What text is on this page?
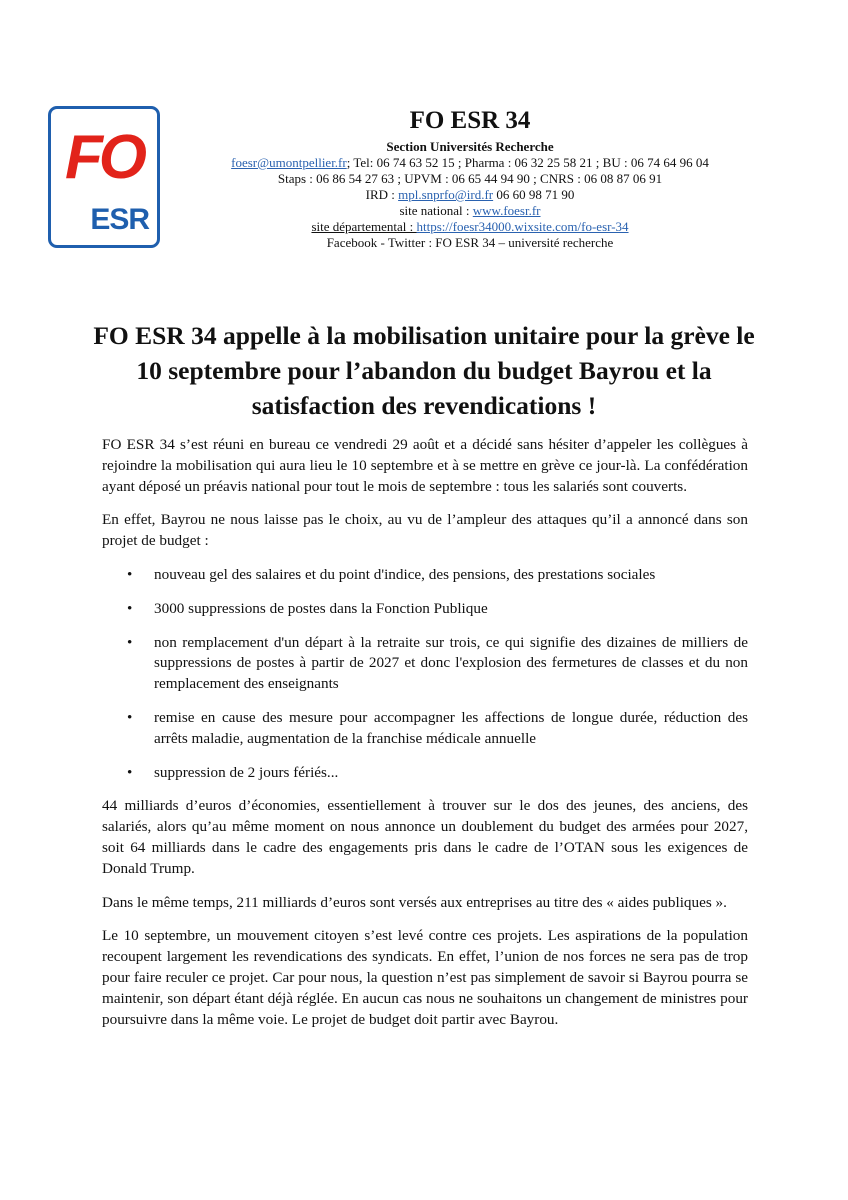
FO
ESR
FO ESR 34
Section Universités Recherche
foesr@umontpellier.fr; Tel: 06 74 63 52 15 ; Pharma : 06 32 25 58 21 ; BU : 06 74 64 96 04
Staps : 06 86 54 27 63 ; UPVM : 06 65 44 94 90 ; CNRS : 06 08 87 06 91
IRD : mpl.snprfo@ird.fr 06 60 98 71 90
site national : www.foesr.fr
site départemental : https://foesr34000.wixsite.com/fo-esr-34
Facebook - Twitter : FO ESR 34 – université recherche
FO ESR 34 appelle à la mobilisation unitaire pour la grève le 10 septembre pour l’abandon du budget Bayrou et la satisfaction des revendications !

FO ESR 34 s’est réuni en bureau ce vendredi 29 août et a décidé sans hésiter d’appeler les collègues à rejoindre la mobilisation qui aura lieu le 10 septembre et à se mettre en grève ce jour-là. La confédération ayant déposé un préavis national pour tout le mois de septembre : tous les salariés sont couverts.

En effet, Bayrou ne nous laisse pas le choix, au vu de l’ampleur des attaques qu’il a annoncé dans son projet de budget :

• nouveau gel des salaires et du point d'indice, des pensions, des prestations sociales
• 3000 suppressions de postes dans la Fonction Publique
• non remplacement d'un départ à la retraite sur trois, ce qui signifie des dizaines de milliers de suppressions de postes à partir de 2027 et donc l'explosion des fermetures de classes et du non remplacement des enseignants
• remise en cause des mesure pour accompagner les affections de longue durée, réduction des arrêts maladie, augmentation de la franchise médicale annuelle
• suppression de 2 jours fériés...

44 milliards d’euros d’économies, essentiellement à trouver sur le dos des jeunes, des anciens, des salariés, alors qu’au même moment on nous annonce un doublement du budget des armées pour 2027, soit 64 milliards dans le cadre des engagements pris dans le cadre de l’OTAN sous les exigences de Donald Trump.

Dans le même temps, 211 milliards d’euros sont versés aux entreprises au titre des « aides publiques ».

Le 10 septembre, un mouvement citoyen s’est levé contre ces projets. Les aspirations de la population recoupent largement les revendications des syndicats. En effet, l’union de nos forces ne sera pas de trop pour faire reculer ce projet. Car pour nous, la question n’est pas simplement de savoir si Bayrou pourra se maintenir, son départ étant déjà réglée. En aucun cas nous ne souhaitons un changement de ministres pour poursuivre dans la même voie. Le projet de budget doit partir avec Bayrou.
